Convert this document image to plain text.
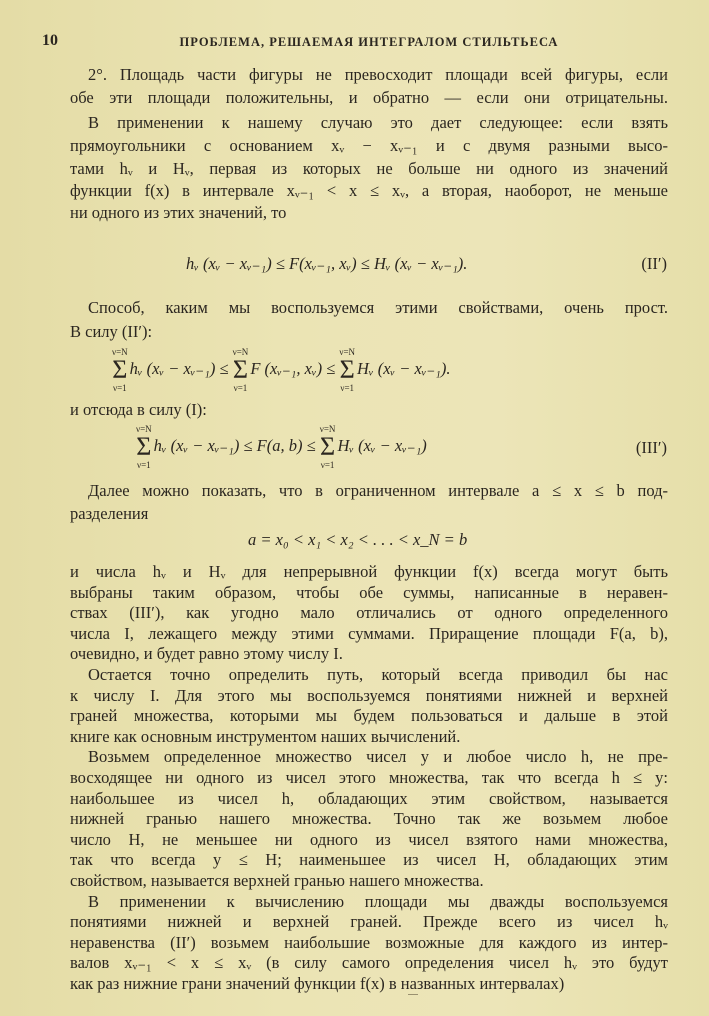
10	ПРОБЛЕМА, РЕШАЕМАЯ ИНТЕГРАЛОМ СТИЛЬТЬЕСА
2°. Площадь части фигуры не превосходит площади всей фигуры, если
обе эти площади положительны, и обратно — если они отрицательны.
В применении к нашему случаю это дает следующее: если взять
прямоугольники с основанием xᵥ − xᵥ₋₁ и с двумя разными высо-
тами hᵥ и Hᵥ, первая из которых не больше ни одного из значений
функции f(x) в интервале xᵥ₋₁ < x ≤ xᵥ, а вторая, наоборот, не меньше
ни одного из этих значений, то
Способ, каким мы воспользуемся этими свойствами, очень прост.
В силу (II′):
и отсюда в силу (I):
Далее можно показать, что в ограниченном интервале a ≤ x ≤ b под-
разделения
и числа hᵥ и Hᵥ для непрерывной функции f(x) всегда могут быть
выбраны таким образом, чтобы обе суммы, написанные в неравен-
ствах (III′), как угодно мало отличались от одного определенного
числа I, лежащего между этими суммами. Приращение площади F(a, b),
очевидно, и будет равно этому числу I.
Остается точно определить путь, который всегда приводил бы нас
к числу I. Для этого мы воспользуемся понятиями нижней и верхней
граней множества, которыми мы будем пользоваться и дальше в этой
книге как основным инструментом наших вычислений.
Возьмем определенное множество чисел y и любое число h, не пре-
восходящее ни одного из чисел этого множества, так что всегда h ≤ y:
наибольшее из чисел h, обладающих этим свойством, называется
нижней гранью нашего множества. Точно так же возьмем любое
число H, не меньшее ни одного из чисел взятого нами множества,
так что всегда y ≤ H; наименьшее из чисел H, обладающих этим
свойством, называется верхней гранью нашего множества.
В применении к вычислению площади мы дважды воспользуемся
понятиями нижней и верхней граней. Прежде всего из чисел hᵥ
неравенства (II′) возьмем наибольшие возможные для каждого из интер-
валов xᵥ₋₁ < x ≤ xᵥ (в силу самого определения чисел hᵥ это будут
как раз нижние грани значений функции f(x) в названных интервалах)
hᵥ (xᵥ − xᵥ₋₁) ≤ F(xᵥ₋₁, xᵥ) ≤ Hᵥ (xᵥ − xᵥ₋₁).	(II′)
ν=N
Σ
ν=1
hᵥ (xᵥ − xᵥ₋₁) ≤
ν=N
Σ
ν=1
F (xᵥ₋₁, xᵥ) ≤
ν=N
Σ
ν=1
Hᵥ (xᵥ − xᵥ₋₁).
ν=N
Σ
ν=1
hᵥ (xᵥ − xᵥ₋₁) ≤ F(a, b) ≤
ν=N
Σ
ν=1
Hᵥ (xᵥ − xᵥ₋₁)	(III′)
a = x₀ < x₁ < x₂ < . . . < x_N = b
